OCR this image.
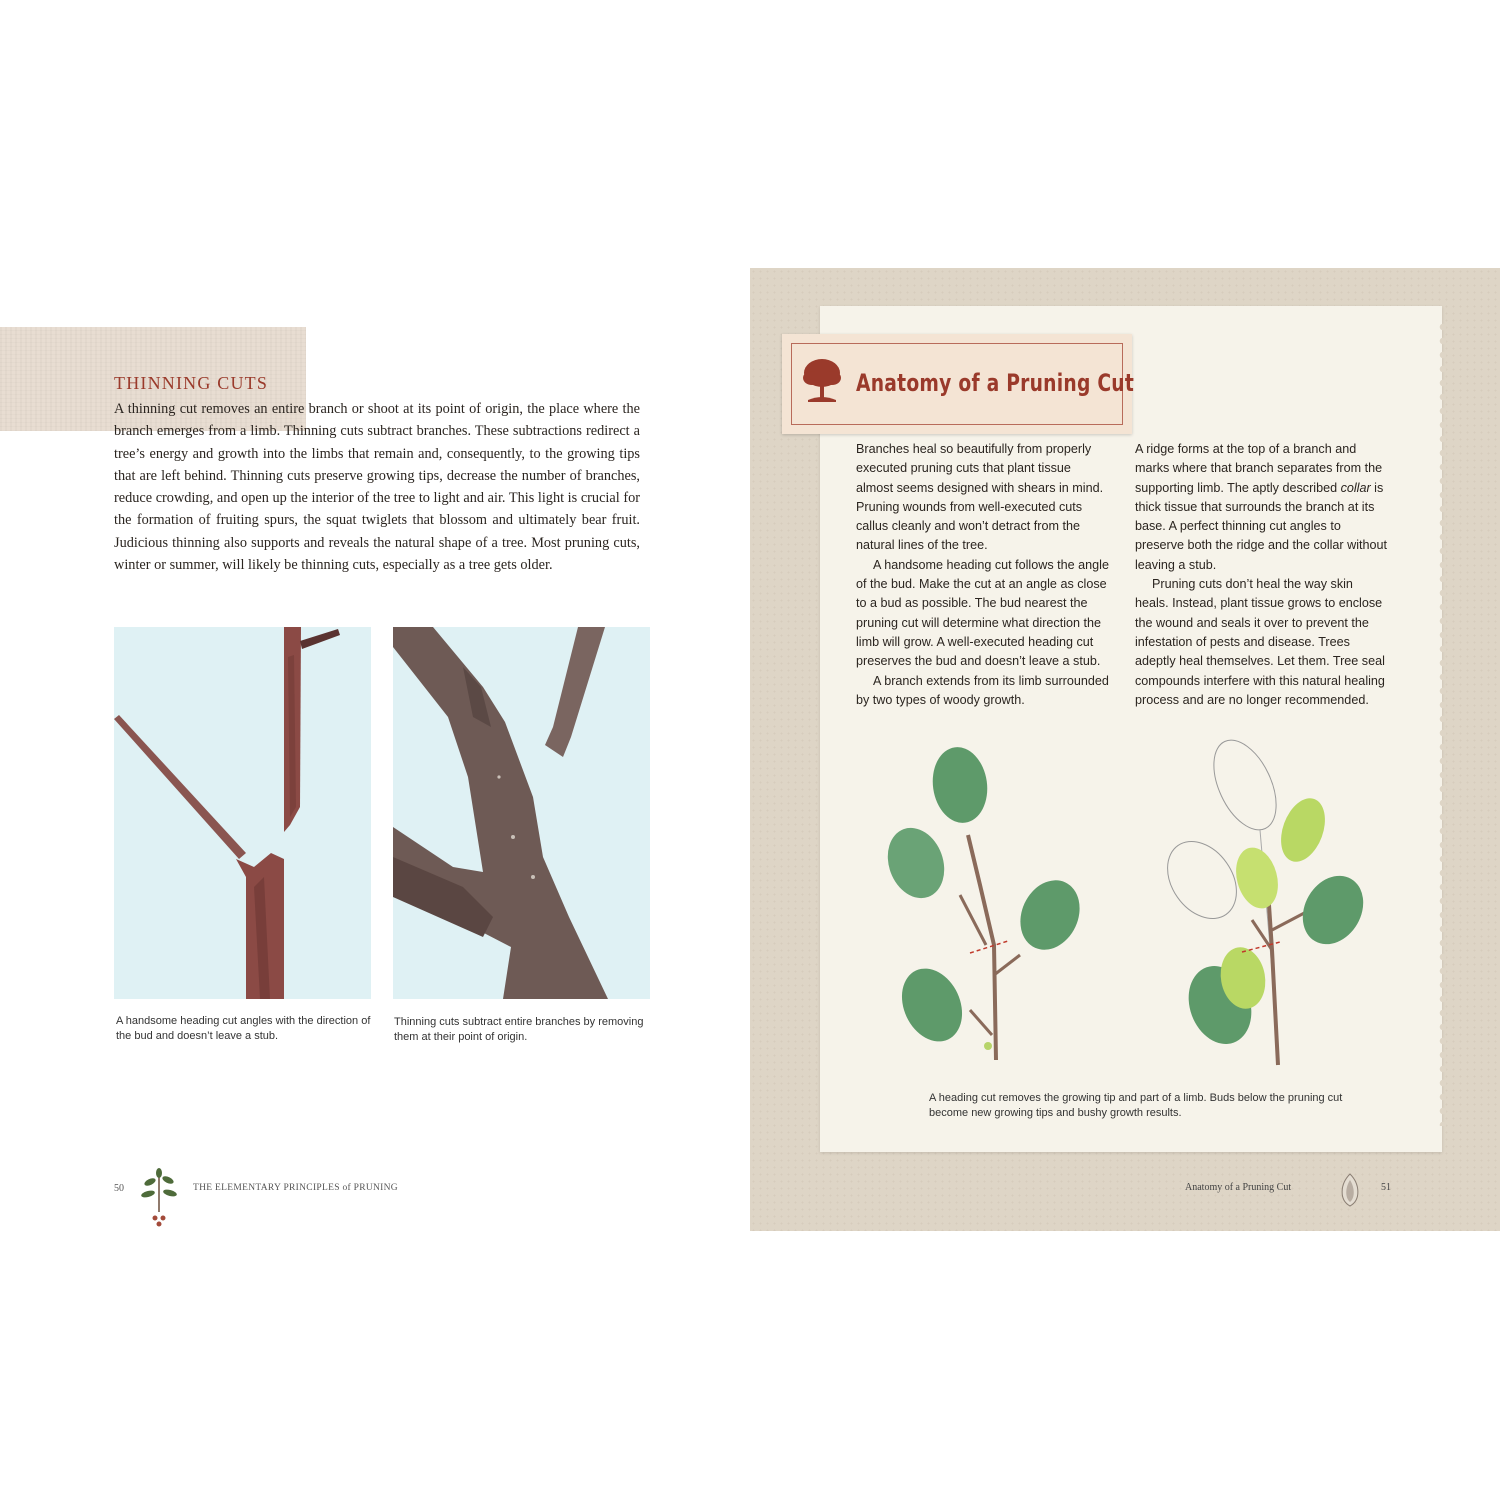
THINNING CUTS

A thinning cut removes an entire branch or shoot at its point of origin, the place where the branch emerges from a limb. Thinning cuts subtract branches. These subtractions redirect a tree’s energy and growth into the limbs that remain and, consequently, to the growing tips that are left behind. Thinning cuts preserve growing tips, decrease the number of branches, reduce crowding, and open up the interior of the tree to light and air. This light is crucial for the formation of fruiting spurs, the squat twiglets that blossom and ultimately bear fruit. Judicious thinning also supports and reveals the natural shape of a tree. Most pruning cuts, winter or summer, will likely be thinning cuts, especially as a tree gets older.

A handsome heading cut angles with the direction of the bud and doesn’t leave a stub.
Thinning cuts subtract entire branches by removing them at their point of origin.
50	THE ELEMENTARY PRINCIPLES of PRUNING
Anatomy of a Pruning Cut

Branches heal so beautifully from properly executed pruning cuts that plant tissue almost seems designed with shears in mind. Pruning wounds from well-executed cuts callus cleanly and won’t detract from the natural lines of the tree.

A handsome heading cut follows the angle of the bud. Make the cut at an angle as close to a bud as possible. The bud nearest the pruning cut will determine what direction the limb will grow. A well-executed heading cut preserves the bud and doesn’t leave a stub.

A branch extends from its limb surrounded by two types of woody growth.

A ridge forms at the top of a branch and marks where that branch separates from the supporting limb. The aptly described collar is thick tissue that surrounds the branch at its base. A perfect thinning cut angles to preserve both the ridge and the collar without leaving a stub.

Pruning cuts don’t heal the way skin heals. Instead, plant tissue grows to enclose the wound and seals it over to prevent the infestation of pests and disease. Trees adeptly heal themselves. Let them. Tree seal compounds interfere with this natural healing process and are no longer recommended.

A heading cut removes the growing tip and part of a limb. Buds below the pruning cut become new growing tips and bushy growth results.
Anatomy of a Pruning Cut	51
